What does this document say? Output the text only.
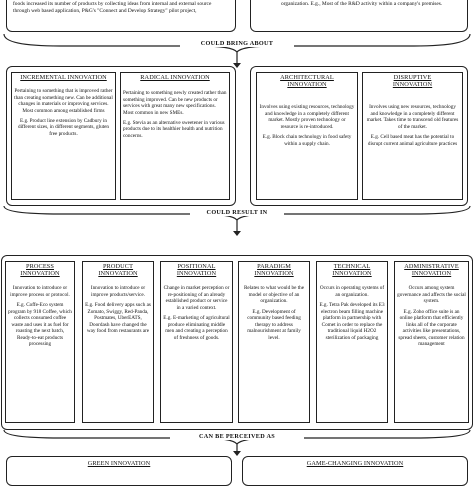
foods increased its number of products by collecting ideas from internal and external source through web based application, P&G's "Connect and Develop Strategy" pilot project,
organization. E.g., Most of the R&D activity within a company's premises.
COULD BRING ABOUT
INCREMENTAL INNOVATION

Pertaining to something that is improved rather than creating something new. Can be additional changes in materials or improving services. Most common among established firms

E.g. Product line extension by Cadbury in different sizes, in different segments, gluten free products.

RADICAL INNOVATION

Pertaining to something newly created rather than something improved. Can be new products or services with great many new specifications. Most common in new SMEs.

E.g. Stevia as an alternative sweetener in various products due to its healthier health and nutrition concerns.

ARCHITECTURAL INNOVATION

Involves using existing resources, technology and knowledge in a completely different market. Mostly proven technology or resource is re-introduced.

E.g. Block chain technology in food safety within a supply chain.

DISRUPTIVE INNOVATION

Involves using new resources, technology and knowledge in a completely different market. Takes time to transcend old features of the market.

E.g. Cell based meat has the potential to disrupt current animal agriculture practices

COULD RESULT IN
PROCESS INNOVATION

Innovation to introduce or improve process or protocol.

E.g. Coffe-Eco system program by 918 Coffee, which collects consumed coffee waste and uses it as fuel for roasting the next batch, Ready-to-eat products processing

PRODUCT INNOVATION

Innovation to introduce or improve products/service.

E.g. Food delivery apps such as Zomato, Swiggy, Red-Panda, Postmates, UberEATS, Doordash have changed the way food from restaurants are

POSITIONAL INNOVATION

Change in market perception or re-positioning of an already established product or service in a varied context.

E.g. E-marketing of agricultural produce eliminating middle men and creating a perception of freshness of goods.

PARADIGM INNOVATION

Relates to what would be the model or objective of an organization.

E.g. Development of community based feeding therapy to address malnourishment at family level.

TECHNICAL INNOVATION

Occurs in operating systems of an organization.

E.g. Tetra Pak developed its E3 electron beam filling machine platform in partnership with Comet in order to replace the traditional liquid H2O2 sterilization of packaging

ADMINISTRATIVE INNOVATION

Occurs among system governance and affects the social system.

E.g. Zoho office suite is an online platform that efficiently links all of the corporate activities like presentations, spread sheets, customer relation management

CAN BE PERCEIVED AS
GREEN INNOVATION	GAME-CHANGING INNOVATION
